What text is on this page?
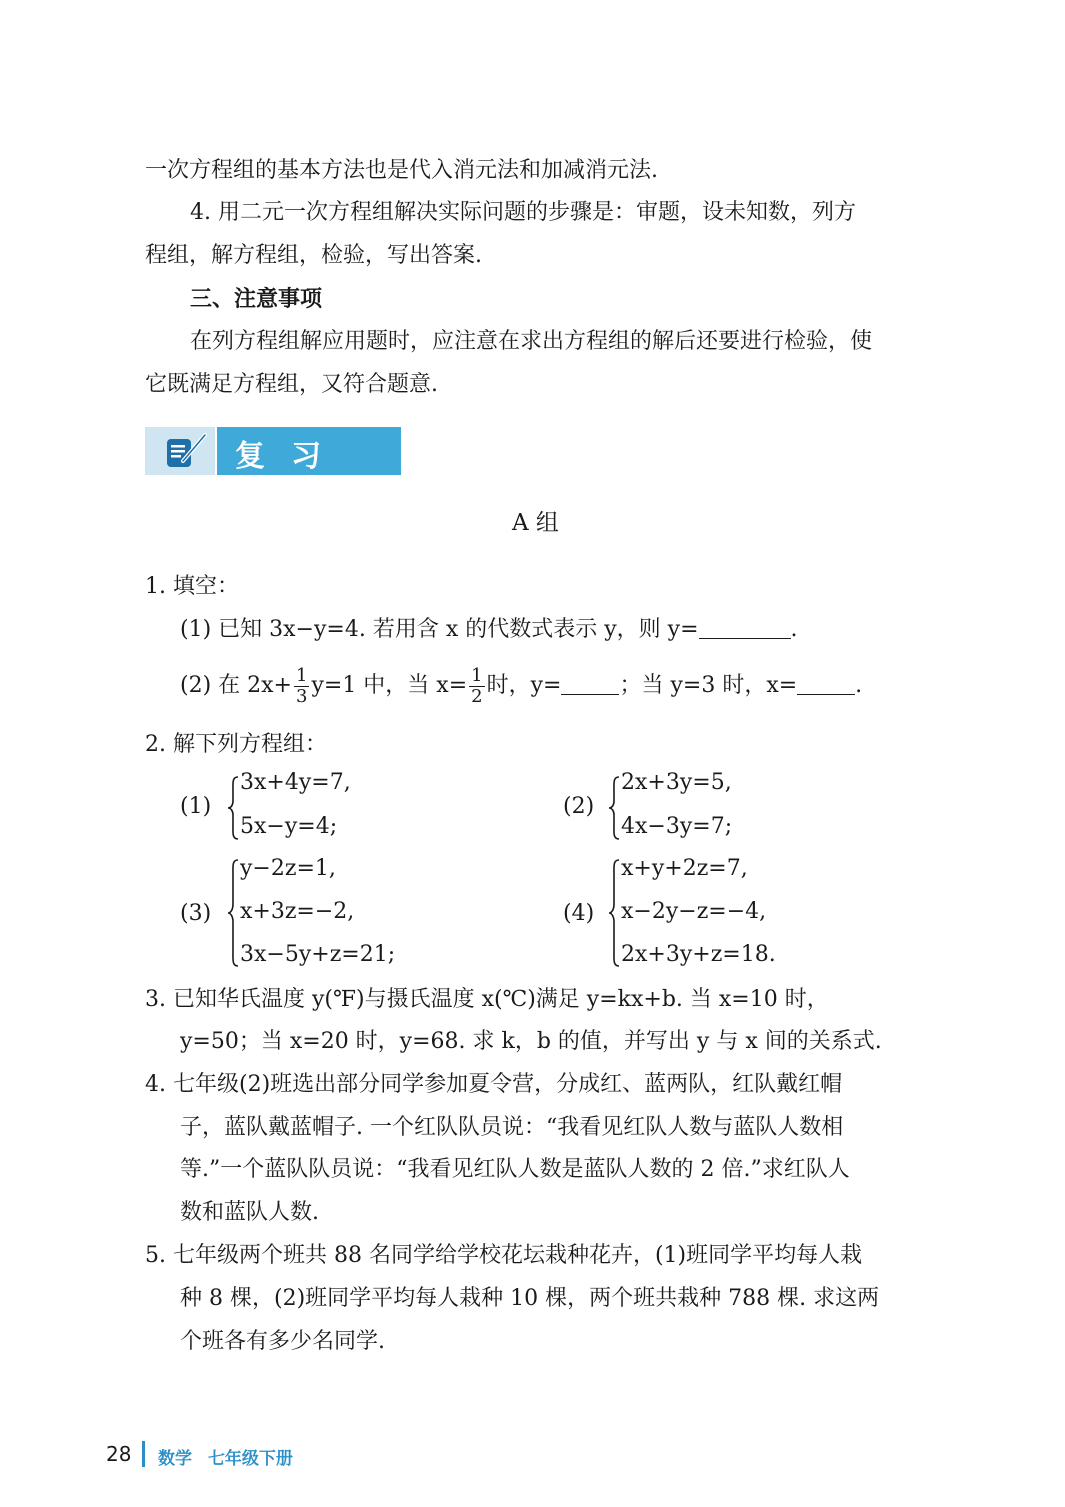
一次方程组的基本方法也是代入消元法和加减消元法.
4. 用二元一次方程组解决实际问题的步骤是：审题，设未知数，列方
程组，解方程组，检验，写出答案.
三、注意事项
在列方程组解应用题时，应注意在求出方程组的解后还要进行检验，使
它既满足方程组，又符合题意.
复习题
A 组
1. 填空：
(1) 已知 3x−y=4. 若用含 x 的代数式表示 y，则 y=	.
(2) 在 $2x+ \frac{1}{3} y=1$ 中，当 $x= \frac{1}{2}$ 时，y=	；当 y=3 时，x=	.
2. 解下列方程组：
(1)
3x+4y=7,
5x−y=4;
(2)
2x+3y=5,
4x−3y=7;
(3)
y−2z=1,
x+3z=−2,
3x−5y+z=21;
(4)
x+y+2z=7,
x−2y−z=−4,
2x+3y+z=18.
3. 已知华氏温度 y(℉)与摄氏温度 x(℃)满足 y=kx+b. 当 x=10 时，
y=50；当 x=20 时，y=68. 求 k，b 的值，并写出 y 与 x 间的关系式.
4. 七年级(2)班选出部分同学参加夏令营，分成红、蓝两队，红队戴红帽
子，蓝队戴蓝帽子. 一个红队队员说：“我看见红队人数与蓝队人数相
等.”一个蓝队队员说：“我看见红队人数是蓝队人数的 2 倍.”求红队人
数和蓝队人数.
5. 七年级两个班共 88 名同学给学校花坛栽种花卉，(1)班同学平均每人栽
种 8 棵，(2)班同学平均每人栽种 10 棵，两个班共栽种 788 棵. 求这两
个班各有多少名同学.
28 数学 七年级下册
